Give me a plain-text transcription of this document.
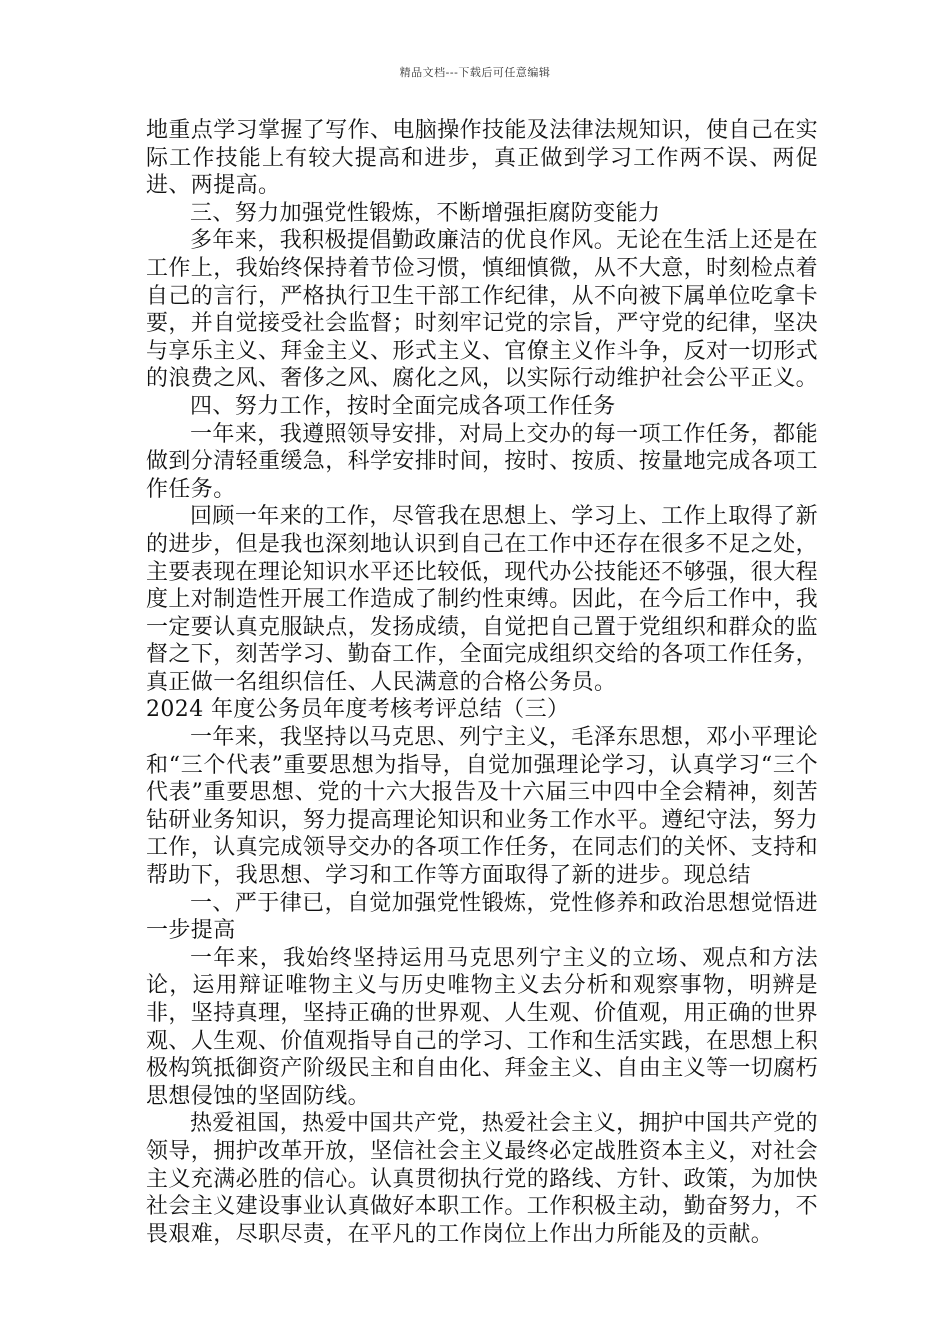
精品文档---下载后可任意编辑

地重点学习掌握了写作、电脑操作技能及法律法规知识，使自己在实际工作技能上有较大提高和进步，真正做到学习工作两不误、两促进、两提高。

三、努力加强党性锻炼，不断增强拒腐防变能力

多年来，我积极提倡勤政廉洁的优良作风。无论在生活上还是在工作上，我始终保持着节俭习惯，慎细慎微，从不大意，时刻检点着自己的言行，严格执行卫生干部工作纪律，从不向被下属单位吃拿卡要，并自觉接受社会监督；时刻牢记党的宗旨，严守党的纪律，坚决与享乐主义、拜金主义、形式主义、官僚主义作斗争，反对一切形式的浪费之风、奢侈之风、腐化之风，以实际行动维护社会公平正义。

四、努力工作，按时全面完成各项工作任务

一年来，我遵照领导安排，对局上交办的每一项工作任务，都能做到分清轻重缓急，科学安排时间，按时、按质、按量地完成各项工作任务。

回顾一年来的工作，尽管我在思想上、学习上、工作上取得了新的进步，但是我也深刻地认识到自己在工作中还存在很多不足之处，主要表现在理论知识水平还比较低，现代办公技能还不够强，很大程度上对制造性开展工作造成了制约性束缚。因此，在今后工作中，我一定要认真克服缺点，发扬成绩，自觉把自己置于党组织和群众的监督之下，刻苦学习、勤奋工作，全面完成组织交给的各项工作任务，真正做一名组织信任、人民满意的合格公务员。

2024 年度公务员年度考核考评总结（三）

一年来，我坚持以马克思、列宁主义，毛泽东思想，邓小平理论和“三个代表”重要思想为指导，自觉加强理论学习，认真学习“三个代表”重要思想、党的十六大报告及十六届三中四中全会精神，刻苦钻研业务知识，努力提高理论知识和业务工作水平。遵纪守法，努力工作，认真完成领导交办的各项工作任务，在同志们的关怀、支持和帮助下，我思想、学习和工作等方面取得了新的进步。现总结

一、严于律已，自觉加强党性锻炼，党性修养和政治思想觉悟进一步提高

一年来，我始终坚持运用马克思列宁主义的立场、观点和方法论，运用辩证唯物主义与历史唯物主义去分析和观察事物，明辨是非，坚持真理，坚持正确的世界观、人生观、价值观，用正确的世界观、人生观、价值观指导自己的学习、工作和生活实践，在思想上积极构筑抵御资产阶级民主和自由化、拜金主义、自由主义等一切腐朽思想侵蚀的坚固防线。

热爱祖国，热爱中国共产党，热爱社会主义，拥护中国共产党的领导，拥护改革开放，坚信社会主义最终必定战胜资本主义，对社会主义充满必胜的信心。认真贯彻执行党的路线、方针、政策，为加快社会主义建设事业认真做好本职工作。工作积极主动，勤奋努力，不畏艰难，尽职尽责，在平凡的工作岗位上作出力所能及的贡献。
